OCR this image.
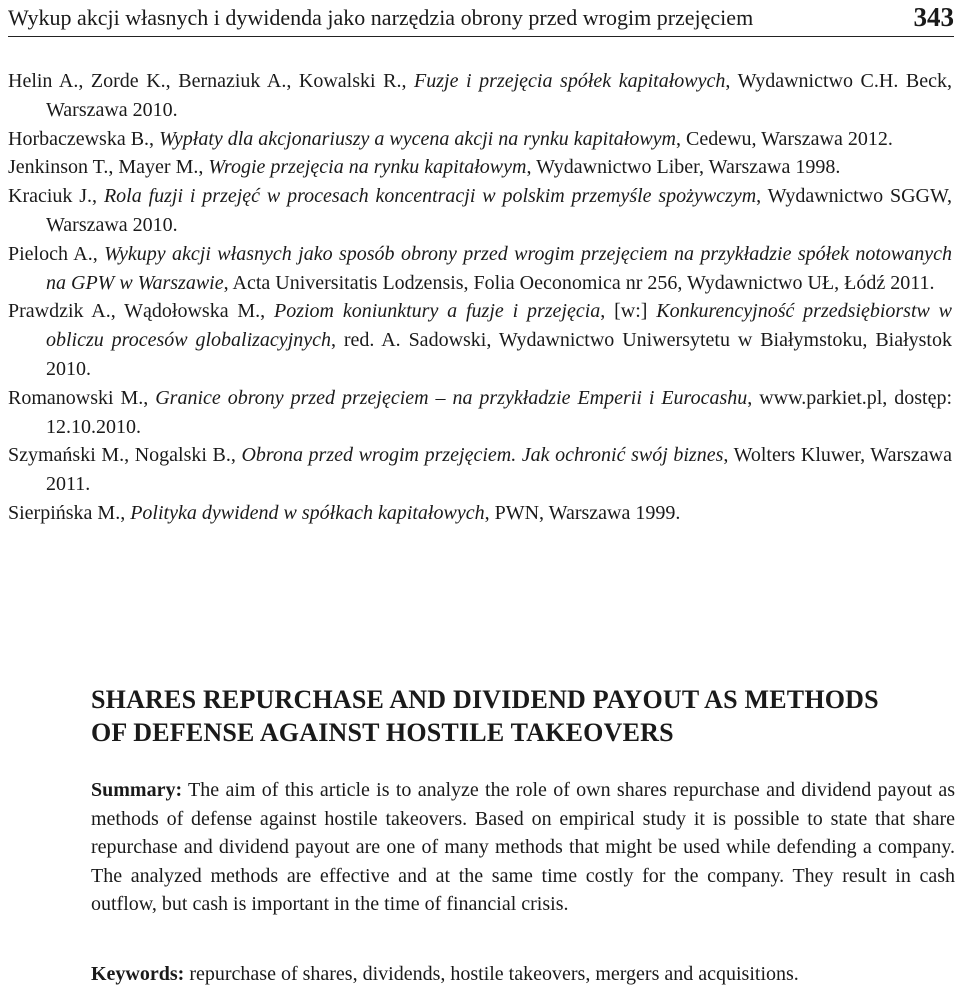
Wykup akcji własnych i dywidenda jako narzędzia obrony przed wrogim przejęciem	343

Helin A., Zorde K., Bernaziuk A., Kowalski R., Fuzje i przejęcia spółek kapitałowych, Wydawnictwo C.H. Beck, Warszawa 2010.

Horbaczewska B., Wypłaty dla akcjonariuszy a wycena akcji na rynku kapitałowym, Cedewu, Warszawa 2012.

Jenkinson T., Mayer M., Wrogie przejęcia na rynku kapitałowym, Wydawnictwo Liber, Warszawa 1998.

Kraciuk J., Rola fuzji i przejęć w procesach koncentracji w polskim przemyśle spożywczym, Wydawnictwo SGGW, Warszawa 2010.

Pieloch A., Wykupy akcji własnych jako sposób obrony przed wrogim przejęciem na przykładzie spółek notowanych na GPW w Warszawie, Acta Universitatis Lodzensis, Folia Oeconomica nr 256, Wydawnictwo UŁ, Łódź 2011.

Prawdzik A., Wądołowska M., Poziom koniunktury a fuzje i przejęcia, [w:] Konkurencyjność przedsiębiorstw w obliczu procesów globalizacyjnych, red. A. Sadowski, Wydawnictwo Uniwersytetu w Białymstoku, Białystok 2010.

Romanowski M., Granice obrony przed przejęciem – na przykładzie Emperii i Eurocashu, www.parkiet.pl, dostęp: 12.10.2010.

Szymański M., Nogalski B., Obrona przed wrogim przejęciem. Jak ochronić swój biznes, Wolters Kluwer, Warszawa 2011.

Sierpińska M., Polityka dywidend w spółkach kapitałowych, PWN, Warszawa 1999.

SHARES REPURCHASE AND DIVIDEND PAYOUT AS METHODS
OF DEFENSE AGAINST HOSTILE TAKEOVERS

Summary: The aim of this article is to analyze the role of own shares repurchase and dividend payout as methods of defense against hostile takeovers. Based on empirical study it is possible to state that share repurchase and dividend payout are one of many methods that might be used while defending a company. The analyzed methods are effective and at the same time costly for the company. They result in cash outflow, but cash is important in the time of financial crisis.

Keywords: repurchase of shares, dividends, hostile takeovers, mergers and acquisitions.
